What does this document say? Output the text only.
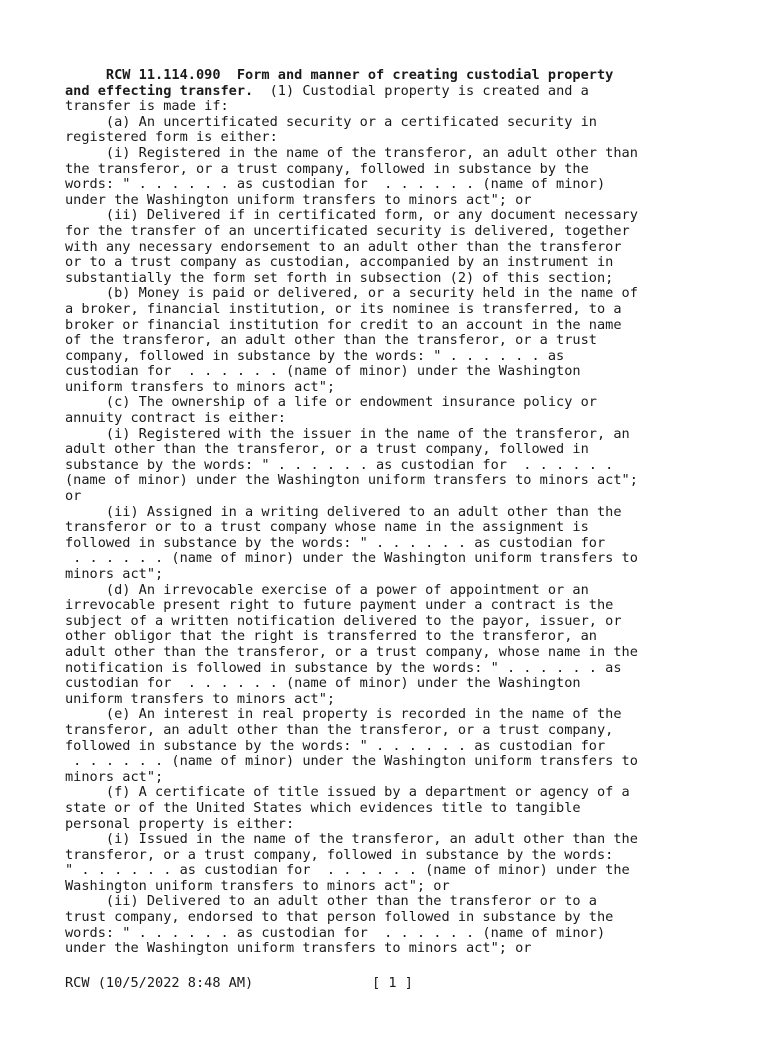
RCW 11.114.090  Form and manner of creating custodial property
and effecting transfer.  (1) Custodial property is created and a
transfer is made if:
(a) An uncertificated security or a certificated security in
registered form is either:
(i) Registered in the name of the transferor, an adult other than
the transferor, or a trust company, followed in substance by the
words: " . . . . . . as custodian for  . . . . . . (name of minor)
under the Washington uniform transfers to minors act"; or
(ii) Delivered if in certificated form, or any document necessary
for the transfer of an uncertificated security is delivered, together
with any necessary endorsement to an adult other than the transferor
or to a trust company as custodian, accompanied by an instrument in
substantially the form set forth in subsection (2) of this section;
(b) Money is paid or delivered, or a security held in the name of
a broker, financial institution, or its nominee is transferred, to a
broker or financial institution for credit to an account in the name
of the transferor, an adult other than the transferor, or a trust
company, followed in substance by the words: " . . . . . . as
custodian for  . . . . . . (name of minor) under the Washington
uniform transfers to minors act";
(c) The ownership of a life or endowment insurance policy or
annuity contract is either:
(i) Registered with the issuer in the name of the transferor, an
adult other than the transferor, or a trust company, followed in
substance by the words: " . . . . . . as custodian for  . . . . . .
(name of minor) under the Washington uniform transfers to minors act";
or
(ii) Assigned in a writing delivered to an adult other than the
transferor or to a trust company whose name in the assignment is
followed in substance by the words: " . . . . . . as custodian for
. . . . . . (name of minor) under the Washington uniform transfers to
minors act";
(d) An irrevocable exercise of a power of appointment or an
irrevocable present right to future payment under a contract is the
subject of a written notification delivered to the payor, issuer, or
other obligor that the right is transferred to the transferor, an
adult other than the transferor, or a trust company, whose name in the
notification is followed in substance by the words: " . . . . . . as
custodian for  . . . . . . (name of minor) under the Washington
uniform transfers to minors act";
(e) An interest in real property is recorded in the name of the
transferor, an adult other than the transferor, or a trust company,
followed in substance by the words: " . . . . . . as custodian for
. . . . . . (name of minor) under the Washington uniform transfers to
minors act";
(f) A certificate of title issued by a department or agency of a
state or of the United States which evidences title to tangible
personal property is either:
(i) Issued in the name of the transferor, an adult other than the
transferor, or a trust company, followed in substance by the words:
" . . . . . . as custodian for  . . . . . . (name of minor) under the
Washington uniform transfers to minors act"; or
(ii) Delivered to an adult other than the transferor or to a
trust company, endorsed to that person followed in substance by the
words: " . . . . . . as custodian for  . . . . . . (name of minor)
under the Washington uniform transfers to minors act"; or

RCW (10/5/2022 8:48 AM)

	[ 1 ]
